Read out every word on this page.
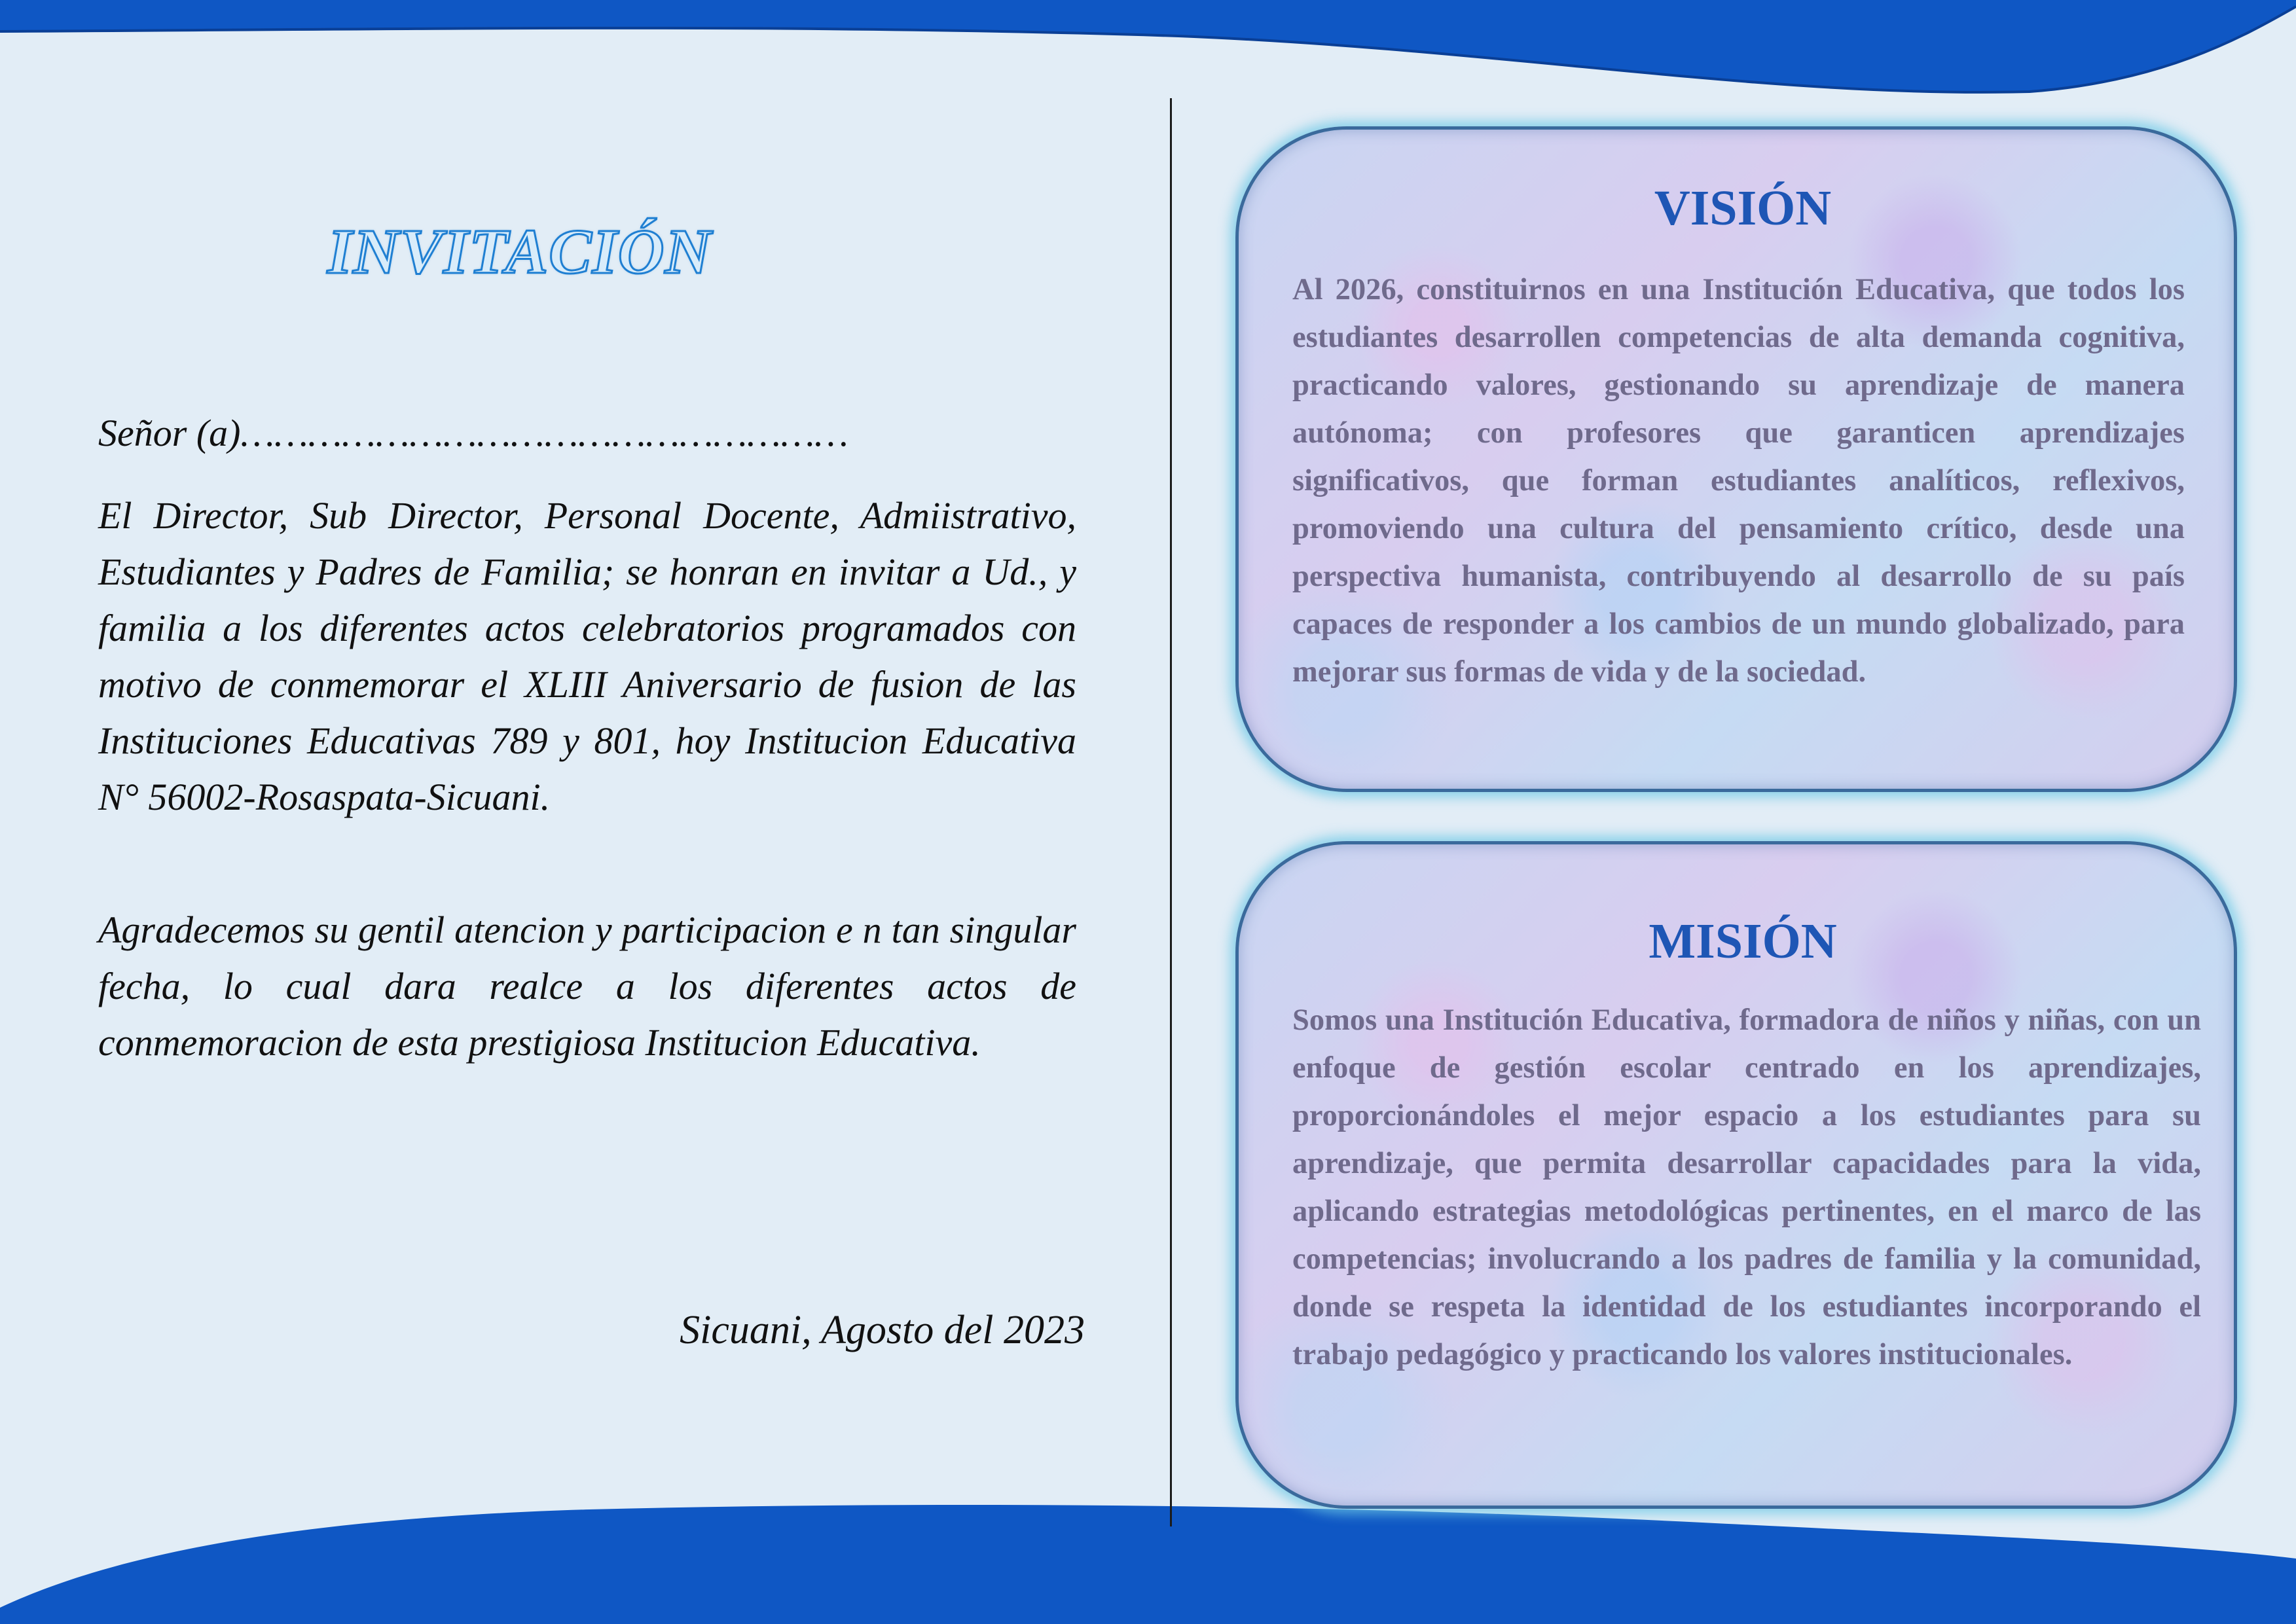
INVITACIÓN
Señor (a)………………………………………………

El Director, Sub Director, Personal Docente, Admiistrativo, Estudiantes y Padres de Familia; se honran en invitar a Ud., y familia a los diferentes actos celebratorios programados con motivo de conmemorar el XLIII Aniversario de fusion de las Instituciones Educativas 789 y 801, hoy Institucion Educativa N° 56002-Rosaspata-Sicuani.

Agradecemos su gentil atencion y participacion e n tan singular fecha, lo cual dara realce a los diferentes actos de conmemoracion de esta prestigiosa Institucion Educativa.

Sicuani, Agosto del 2023
VISIÓN

Al 2026, constituirnos en una Institución Educativa, que todos los estudiantes desarrollen competencias de alta demanda cognitiva, practicando valores, gestionando su aprendizaje de manera autónoma; con profesores que garanticen aprendizajes significativos, que forman estudiantes analíticos, reflexivos, promoviendo una cultura del pensamiento crítico, desde una perspectiva humanista, contribuyendo al desarrollo de su país capaces de responder a los cambios de un mundo globalizado, para mejorar sus formas de vida y de la sociedad.

MISIÓN

Somos una Institución Educativa, formadora de niños y niñas, con un enfoque de gestión escolar centrado en los aprendizajes, proporcionándoles el mejor espacio a los estudiantes para su aprendizaje, que permita desarrollar capacidades para la vida, aplicando estrategias metodológicas pertinentes, en el marco de las competencias; involucrando a los padres de familia y la comunidad, donde se respeta la identidad de los estudiantes incorporando el trabajo pedagógico y practicando los valores institucionales.
